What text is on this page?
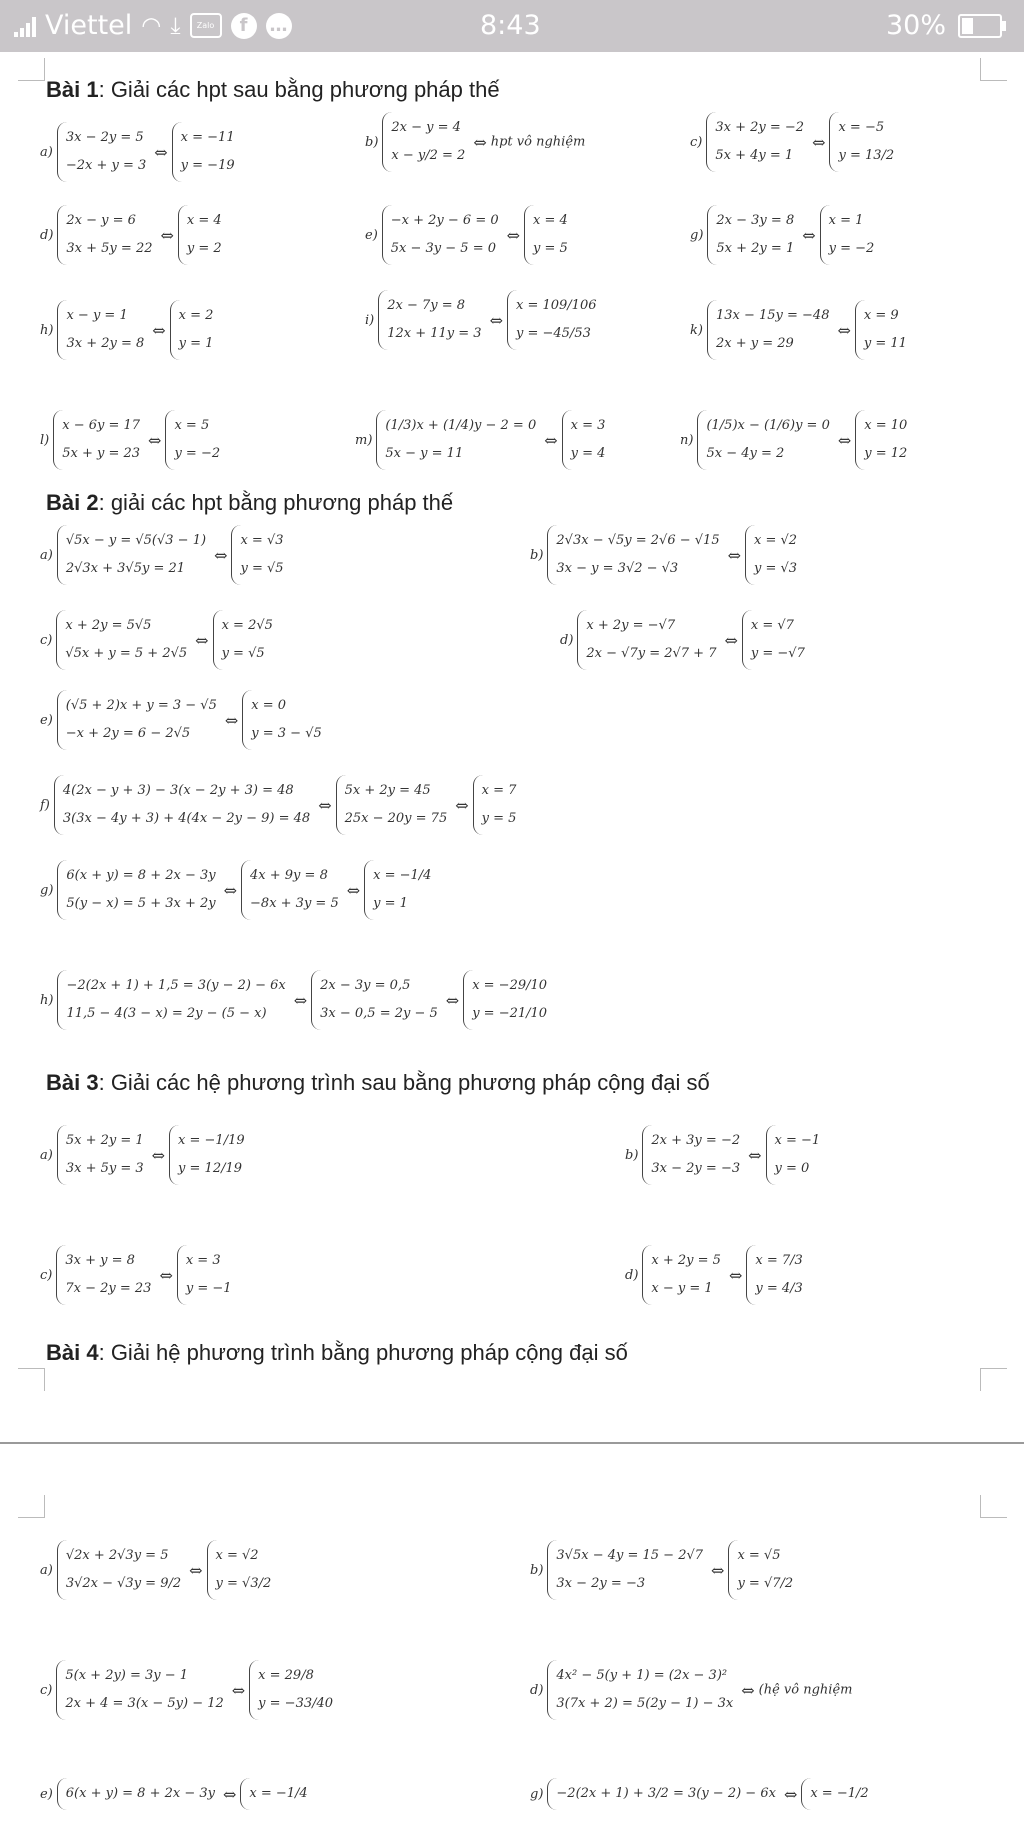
Viettel ◠ ⤓	Zalo	f	…	8:43	30%
Bài 1: Giải các hpt sau bằng phương pháp thế
Bài 2: giải các hpt bằng phương pháp thế
Bài 3: Giải các hệ phương trình sau bằng phương pháp cộng đại số
Bài 4: Giải hệ phương trình bằng phương pháp cộng đại số
a)
3x − 2y = 5
−2x + y = 3
⇔
x = −11
y = −19
b)
2x − y = 4
x − y/2 = 2
⇔ hpt vô nghiệm	c)
3x + 2y = −2
5x + 4y = 1
⇔
x = −5
y = 13/2
d)
2x − y = 6
3x + 5y = 22
⇔
x = 4
y = 2
e)
−x + 2y − 6 = 0
5x − 3y − 5 = 0
⇔
x = 4
y = 5
g)
2x − 3y = 8
5x + 2y = 1
⇔
x = 1
y = −2
h)
x − y = 1
3x + 2y = 8
⇔
x = 2
y = 1
i)
2x − 7y = 8
12x + 11y = 3
⇔
x = 109/106
y = −45/53	k)
13x − 15y = −48
2x + y = 29
⇔
x = 9
y = 11
l)
x − 6y = 17
5x + y = 23
⇔
x = 5
y = −2
m)
(1/3)x + (1/4)y − 2 = 0
5x − y = 11
⇔
x = 3
y = 4
n)
(1/5)x − (1/6)y = 0
5x − 4y = 2
⇔
x = 10
y = 12
a)
√5x − y = √5(√3 − 1)
2√3x + 3√5y = 21
⇔
x = √3
y = √5
b)
2√3x − √5y = 2√6 − √15
3x − y = 3√2 − √3
⇔
x = √2
y = √3
c)
x + 2y = 5√5
√5x + y = 5 + 2√5
⇔
x = 2√5
y = √5
d)
x + 2y = −√7
2x − √7y = 2√7 + 7
⇔
x = √7
y = −√7
e)
(√5 + 2)x + y = 3 − √5
−x + 2y = 6 − 2√5
⇔
x = 0
y = 3 − √5
f)
4(2x − y + 3) − 3(x − 2y + 3) = 48
3(3x − 4y + 3) + 4(4x − 2y − 9) = 48
⇔
5x + 2y = 45
25x − 20y = 75
⇔
x = 7
y = 5
g)
6(x + y) = 8 + 2x − 3y
5(y − x) = 5 + 3x + 2y
⇔
4x + 9y = 8
−8x + 3y = 5
⇔
x = −1/4
y = 1
h)
−2(2x + 1) + 1,5 = 3(y − 2) − 6x
11,5 − 4(3 − x) = 2y − (5 − x)
⇔
2x − 3y = 0,5
3x − 0,5 = 2y − 5
⇔
x = −29/10
y = −21/10
a)
5x + 2y = 1
3x + 5y = 3
⇔
x = −1/19
y = 12/19
b)
2x + 3y = −2
3x − 2y = −3
⇔
x = −1
y = 0
c)
3x + y = 8
7x − 2y = 23
⇔
x = 3
y = −1
d)
x + 2y = 5
x − y = 1
⇔
x = 7/3
y = 4/3
a)
√2x + 2√3y = 5
3√2x − √3y = 9/2
⇔
x = √2
y = √3/2
b)
3√5x − 4y = 15 − 2√7
3x − 2y = −3
⇔
x = √5
y = √7/2
c)
5(x + 2y) = 3y − 1
2x + 4 = 3(x − 5y) − 12
⇔
x = 29/8
y = −33/40
d)
4x² − 5(y + 1) = (2x − 3)²
3(7x + 2) = 5(2y − 1) − 3x
⇔ (hệ vô nghiệm
e) 6(x + y) = 8 + 2x − 3y ⇔ x = −1/4	g) −2(2x + 1) + 3/2 = 3(y − 2) − 6x ⇔ x = −1/2
